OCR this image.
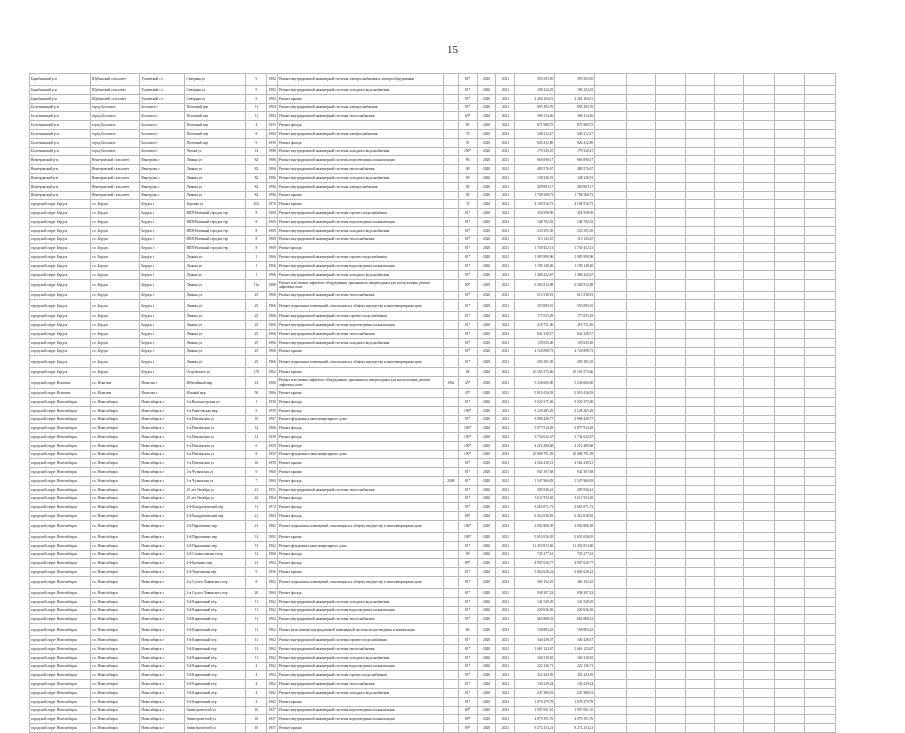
15
Барабинский р-н	Шубинский сельсовет	Тушевский с/с	Северная ул	9	1982	Ремонт внутридомовой инженерной системы электроснабжения и электрооборудования		81*	2020	2021	393 503,85	393 503,85								
Барабинский р-н	Шубинский сельсовет	Тушевский с/с	Северная ул	9	1982	Ремонт внутридомовой инженерной системы холодного водоснабжения		81*	2020	2021	196 322,25	196 322,25								
Барабинский р-н	Шубинский сельсовет	Тушевский с/с	Северная ул	9	1982	Ремонт крыши		81*	2020	2021	2 264 164,51	2 264 164,51								
Болотнинский р-н	город Болотное	Болотное г	Почтовый пер	11	1984	Ремонт внутридомовой инженерной системы электроснабжения		81*	2020	2021	695 393,70	695 393,70								
Болотнинский р-н	город Болотное	Болотное г	Почтовый пер	11	1984	Ремонт внутридомовой инженерной системы теплоснабжения		69*	2020	2021	306 314,46	306 314,46								
Болотнинский р-н	город Болотное	Болотное г	Почтовый пер	4	1955	Ремонт фасада		85	2020	2021	871 980,75	871 980,75								
Болотнинский р-н	город Болотное	Болотное г	Почтовый пер	8	1984	Ремонт внутридомовой инженерной системы электроснабжения		70	2020	2021	346 312,27	346 312,27								
Болотнинский р-н	город Болотное	Болотное г	Почтовый пер	9	1956	Ремонт фасада		91	2020	2021	826 412,80	826 412,80								
Болотнинский р-н	город Болотное	Болотное г	Чехова ул	14	1988	Ремонт внутридомовой инженерной системы холодного водоснабжения		100*	2020	2021	179 520,47	179 520,47								
Венгеровский р-н	Венгеровский сельсовет	Венгерово с	Ленина ул	82	1986	Ремонт внутридомовой инженерной системы водоотведения и канализации		90	2020	2021	866 090,17	866 090,17								
Венгеровский р-н	Венгеровский сельсовет	Венгерово с	Ленина ул	82	1986	Ремонт внутридомовой инженерной системы теплоснабжения		90	2020	2021	480 576,67	480 576,67								
Венгеровский р-н	Венгеровский сельсовет	Венгерово с	Ленина ул	82	1986	Ремонт внутридомовой инженерной системы холодного водоснабжения		90	2020	2021	138 326,91	138 326,91								
Венгеровский р-н	Венгеровский сельсовет	Венгерово с	Ленина ул	82	1986	Ремонт внутридомовой инженерной системы электроснабжения		90	2020	2021	459 803,17	459 803,17								
Венгеровский р-н	Венгеровский сельсовет	Венгерово с	Ленина ул	82	1986	Ремонт крыши		90	2020	2021	1 708 568,73	1 708 568,73								
городской округ Бердск	г.о. Бердск	Бердск г	Боровая ул	102	1970	Ремонт крыши		74	2020	2021	4 104 916,73	4 104 916,73								
городской округ Бердск	г.о. Бердск	Бердск г	ВПП-Военный городок тер	8	1969	Ремонт внутридомовой инженерной системы горячего водоснабжения		81*	2020	2021	354 958,99	354 958,99								
городской округ Бердск	г.о. Бердск	Бердск г	ВПП-Военный городок тер	8	1969	Ремонт внутридомовой инженерной системы водоотведения и канализации		81*	2020	2021	148 702,02	148 702,02								
городской округ Бердск	г.о. Бердск	Бердск г	ВПП-Военный городок тер	8	1969	Ремонт внутридомовой инженерной системы холодного водоснабжения		81*	2020	2021	233 505,30	233 505,30								
городской округ Бердск	г.о. Бердск	Бердск г	ВПП-Военный городок тер	8	1969	Ремонт внутридомовой инженерной системы теплоснабжения		81*	2020	2021	113 143,67	113 143,67								
городской округ Бердск	г.о. Бердск	Бердск г	ВПП-Военный городок тер	8	1969	Ремонт фасада		81*	2020	2021	1 730 452,13	1 730 452,13								
городской округ Бердск	г.о. Бердск	Бердск г	Лунная ул	1	1966	Ремонт внутридомовой инженерной системы горячего водоснабжения		81*	2020	2021	1 085 990,96	1 085 990,96								
городской округ Бердск	г.о. Бердск	Бердск г	Лунная ул	1	1966	Ремонт внутридомовой инженерной системы водоотведения и канализации		81*	2020	2021	1 199 149,46	1 199 149,46								
городской округ Бердск	г.о. Бердск	Бердск г	Лунная ул	1	1966	Ремонт внутридомовой инженерной системы холодного водоснабжения		81*	2020	2021	1 468 222,67	1 468 222,67								
городской округ Бердск	г.о. Бердск	Бердск г	Ленина ул	11а	1988	Ремонт или замена лифтового оборудования, признанного непригодным для эксплуатации, ремонт лифтовых шахт		80*	2020	2021	6 304 912,08	6 304 912,08								
городской округ Бердск	г.о. Бердск	Бердск г	Ленина ул	25	1966	Ремонт внутридомовой инженерной системы теплоснабжения		81*	2020	2021	613 538,81	613 538,81								
городской округ Бердск	г.о. Бердск	Бердск г	Ленина ул	25	1966	Ремонт подвальных помещений, относящихся к общему имуществу в многоквартирном доме		81*	2020	2021	353 890,10	353 890,10								
городской округ Бердск	г.о. Бердск	Бердск г	Ленина ул	25	1966	Ремонт внутридомовой инженерной системы горячего водоснабжения		81*	2020	2021	177 053,29	177 053,29								
городской округ Бердск	г.о. Бердск	Бердск г	Ленина ул	25	1966	Ремонт внутридомовой инженерной системы водоотведения и канализации		81*	2020	2021	218 751,06	218 751,06								
городской округ Бердск	г.о. Бердск	Бердск г	Ленина ул	25	1966	Ремонт внутридомовой инженерной системы теплоснабжения		81*	2020	2021	641 328,57	641 328,57								
городской округ Бердск	г.о. Бердск	Бердск г	Ленина ул	25	1966	Ремонт внутридомовой инженерной системы холодного водоснабжения		81*	2020	2021	135 045,40	135 045,40								
городской округ Бердск	г.о. Бердск	Бердск г	Ленина ул	25	1966	Ремонт крыши		81*	2020	2021	4 724 898,73	4 724 898,73								
городской округ Бердск	г.о. Бердск	Бердск г	Ленина ул	25	1966	Ремонт подвальных помещений, относящихся к общему имуществу в многоквартирном доме		81*	2020	2021	293 391,05	293 391,05								
городской округ Бердск	г.о. Бердск	Бердск г	Островского ул	176	1962	Ремонт крыши		84	2020	2021	10 165 573,66	10 165 573,66								
городской округ Искитим	г.о. Искитим	Искитим г	Юбилейный мкр	23	1986	Ремонт или замена лифтового оборудования, признанного непригодным для эксплуатации, ремонт лифтовых шахт	1962	45*	2020	2021	5 236 660,00	5 236 660,00								
городской округ Искитим	г.о. Искитим	Искитим г	Южный мкр	50	1966	Ремонт крыши		45*	2020	2021	5 010 416,03	5 010 416,03								
городской округ Новосибирск	г.о. Новосибирск	Новосибирск г	1-я Высокогорская ул	1	1958	Ремонт фасада		81*	2020	2021	5 020 375,36	5 020 375,36								
городской округ Новосибирск	г.о. Новосибирск	Новосибирск г	1-я Ракитовская мкр	9	1959	Ремонт фасада		100*	2020	2021	3 128 265,29	3 128 265,29								
городской округ Новосибирск	г.о. Новосибирск	Новосибирск г	1-я Пензенская ул	10	1967	Ремонт фундамента многоквартирного дома		81*	2020	2021	3 998 428,77	3 998 428,77								
городской округ Новосибирск	г.о. Новосибирск	Новосибирск г	1-я Пензенская ул	12	1966	Ремонт фасада		100*	2020	2021	3 877 914,29	3 877 914,29								
городской округ Новосибирск	г.о. Новосибирск	Новосибирск г	1-я Пензенская ул	14	1959	Ремонт фасада		100*	2020	2021	3 734 622,47	3 734 622,47								
городской округ Новосибирск	г.о. Новосибирск	Новосибирск г	1-я Пензенская ул	6	1959	Ремонт фасада		100*	2020	2021	4 212 490,68	4 212 490,68								
городской округ Новосибирск	г.о. Новосибирск	Новосибирск г	1-я Пензенская ул	8	1959	Ремонт фундамента многоквартирного дома		100*	2020	2021	10 068 791,59	10 068 791,59								
городской округ Новосибирск	г.о. Новосибирск	Новосибирск г	1-я Пензенская ул	16	1959	Ремонт крыши		81*	2020	2021	4 564 230,21	4 564 230,21								
городской округ Новосибирск	г.о. Новосибирск	Новосибирск г	1-я Чулымская ул	9	1960	Ремонт крыши		81*	2020	2021	941 397,68	941 397,68								
городской округ Новосибирск	г.о. Новосибирск	Новосибирск г	1-я Чулымская ул	7	1960	Ремонт фасада	2008	81*	2020	2021	1 547 960,83	1 547 960,83								
городской округ Новосибирск	г.о. Новосибирск	Новосибирск г	25 лет Октября ул	21	1951	Ремонт внутридомовой инженерной системы теплоснабжения		81*	2020	2021	285 936,41	285 936,41								
городской округ Новосибирск	г.о. Новосибирск	Новосибирск г	25 лет Октября ул	22	1964	Ремонт фасада		81*	2020	2021	3 611 933,65	3 611 933,65								
городской округ Новосибирск	г.о. Новосибирск	Новосибирск г	2-й Кондратьевский пер	11	1974	Ремонт фасада		81*	2020	2021	3 665 071,73	3 665 071,73								
городской округ Новосибирск	г.о. Новосибирск	Новосибирск г	2-й Кондратьевский пер	21	1964	Ремонт фасада		80*	2020	2021	6 414 038,83	6 414 038,83								
городской округ Новосибирск	г.о. Новосибирск	Новосибирск г	2-й Пархоменко пер	21	1982	Ремонт подвальных помещений, относящихся к общему имуществу в многоквартирном доме		100*	2020	2021	2 002 806,39	2 002 806,39								
городской округ Новосибирск	г.о. Новосибирск	Новосибирск г	2-й Пархоменко пер	31	1982	Ремонт крыши		100*	2020	2021	5 653 026,05	5 653 026,05								
городской округ Новосибирск	г.о. Новосибирск	Новосибирск г	2-й Пархоменко пер	51	1962	Ремонт фундамента многоквартирного дома		81*	2020	2021	11 453 813,66	11 453 813,66								
городской округ Новосибирск	г.о. Новосибирск	Новосибирск г	2-й Станиславского пер	12	1960	Ремонт фасада		90	2020	2021	745 277,61	745 277,61								
городской округ Новосибирск	г.о. Новосибирск	Новосибирск г	2-й Бронных пер	21	1962	Ремонт фасада		89*	2020	2021	4 907 020,77	4 907 020,77								
городской округ Новосибирск	г.о. Новосибирск	Новосибирск г	2-й Черепанова пер	9	1956	Ремонт крыши		81*	2020	2021	3 602 628,22	3 602 628,22								
городской округ Новосибирск	г.о. Новосибирск	Новосибирск г	2-я Сухого Лавинского пер	8	1962	Ремонт подвальных помещений, относящихся к общему имуществу в многоквартирном доме		81*	2020	2021	360 152,25	360 152,25								
городской округ Новосибирск	г.о. Новосибирск	Новосибирск г	2-я Сухого Лавинского пер	20	1960	Ремонт фасада		81*	2020	2021	938 307,22	938 307,22								
городской округ Новосибирск	г.о. Новосибирск	Новосибирск г	3-й Кирпичный пер	11	1962	Ремонт внутридомовой инженерной системы холодного водоснабжения		81*	2020	2021	141 528,29	141 528,29								
городской округ Новосибирск	г.о. Новосибирск	Новосибирск г	3-й Кирпичный пер	11	1962	Ремонт внутридомовой инженерной системы водоотведения и канализации		81*	2020	2021	220 636,56	220 636,56								
городской округ Новосибирск	г.о. Новосибирск	Новосибирск г	3-й Кирпичный пер	11	1962	Ремонт внутридомовой инженерной системы теплоснабжения		81*	2020	2021	663 868,33	663 868,33								
городской округ Новосибирск	г.о. Новосибирск	Новосибирск г	3-й Кирпичный пер	11	1962	Ремонт (или замена) внутридомовой инженерной системы водоотведения и канализации		66	2020	2021	158 803,25	158 803,25								
городской округ Новосибирск	г.о. Новосибирск	Новосибирск г	3-й Кирпичный пер	11	1962	Ремонт внутридомовой инженерной системы горячего водоснабжения		81*	2020	2021	340 438,37	340 438,37								
городской округ Новосибирск	г.о. Новосибирск	Новосибирск г	3-й Кирпичный пер	11	1962	Ремонт внутридомовой инженерной системы теплоснабжения		81*	2020	2021	1 661 123,67	1 661 123,67								
городской округ Новосибирск	г.о. Новосибирск	Новосибирск г	3-й Кирпичный пер	11	1962	Ремонт внутридомовой инженерной системы холодного водоснабжения		81*	2020	2021	160 210,65	160 210,65								
городской округ Новосибирск	г.о. Новосибирск	Новосибирск г	3-й Кирпичный пер	4	1962	Ремонт внутридомовой инженерной системы водоотведения и канализации		81*	2020	2021	222 136,71	222 136,71								
городской округ Новосибирск	г.о. Новосибирск	Новосибирск г	3-й Кирпичный пер	4	1962	Ремонт внутридомовой инженерной системы горячего водоснабжения		81*	2020	2021	352 443,39	352 443,39								
городской округ Новосибирск	г.о. Новосибирск	Новосибирск г	3-й Кирпичный пер	4	1962	Ремонт внутридомовой инженерной системы теплоснабжения		81*	2020	2021	130 229,24	130 229,24								
городской округ Новосибирск	г.о. Новосибирск	Новосибирск г	3-й Кирпичный пер	4	1962	Ремонт внутридомовой инженерной системы холодного водоснабжения		81*	2020	2021	247 380,01	247 380,01								
городской округ Новосибирск	г.о. Новосибирск	Новосибирск г	3-й Кирпичный пер	4	1962	Ремонт крыши		81*	2020	2021	1 878 279,78	1 878 279,78								
городской округ Новосибирск	г.о. Новосибирск	Новосибирск г	Авиастроителей ул	10	1957	Ремонт внутридомовой инженерной системы водоотведения и канализации		89*	2020	2021	1 997 091,10	1 997 091,10								
городской округ Новосибирск	г.о. Новосибирск	Новосибирск г	Авиастроителей ул	10	1957	Ремонт внутридомовой инженерной системы водоотведения и канализации		89*	2020	2021	4 079 391,76	4 079 391,76								
городской округ Новосибирск	г.о. Новосибирск	Новосибирск г	Авиастроителей ул	10	1957	Ремонт крыши		89*	2020	2021	9 272 254,21	9 272 254,21								
